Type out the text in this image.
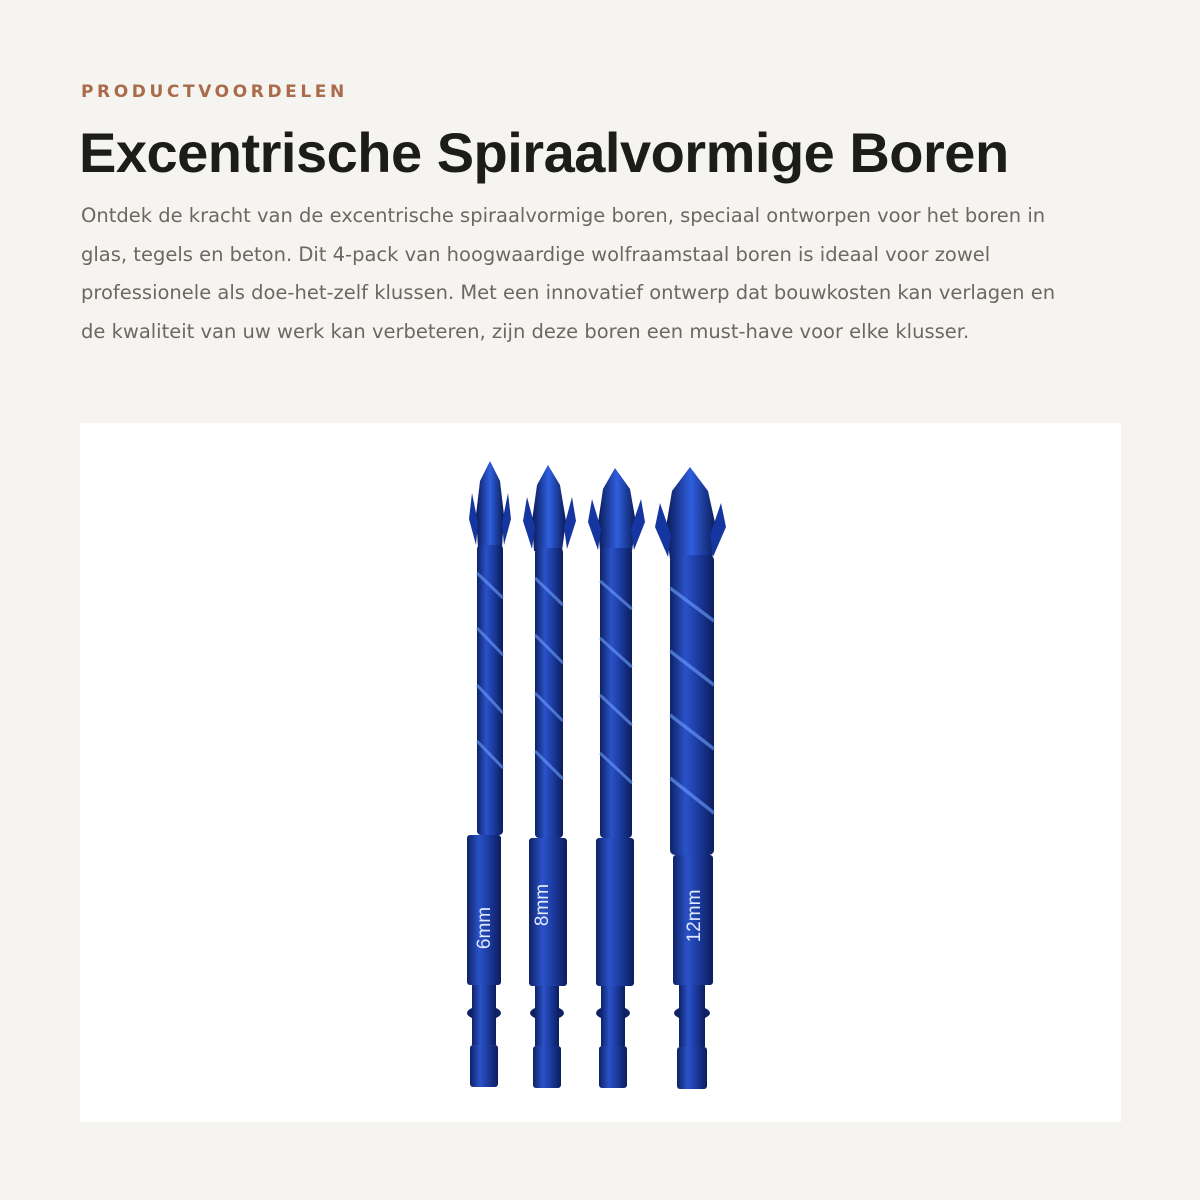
PRODUCTVOORDELEN
Excentrische Spiraalvormige Boren

Ontdek de kracht van de excentrische spiraalvormige boren, speciaal ontworpen voor het boren in glas, tegels en beton. Dit 4-pack van hoogwaardige wolfraamstaal boren is ideaal voor zowel professionele als doe-het-zelf klussen. Met een innovatief ontwerp dat bouwkosten kan verlagen en de kwaliteit van uw werk kan verbeteren, zijn deze boren een must-have voor elke klusser.

6mm
8mm	12mm
